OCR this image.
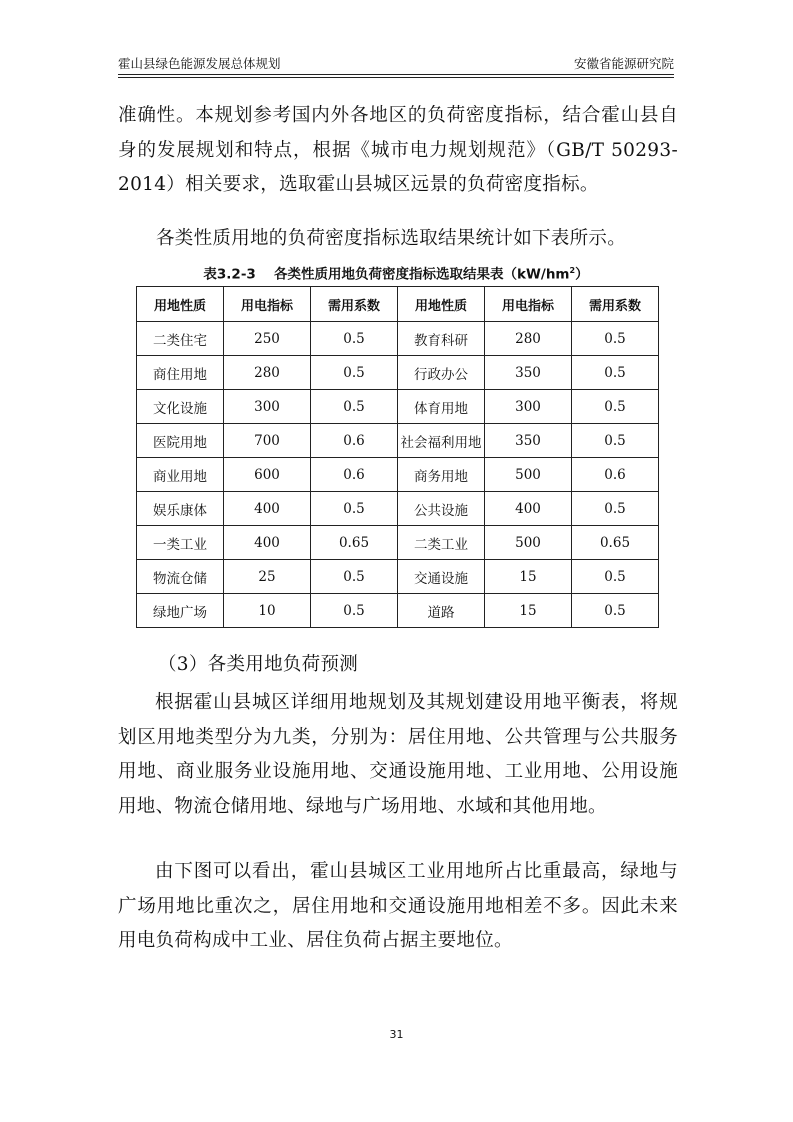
霍山县绿色能源发展总体规划	安徽省能源研究院

准确性。本规划参考国内外各地区的负荷密度指标，结合霍山县自身的发展规划和特点，根据《城市电力规划规范》（GB/T 50293-2014）相关要求，选取霍山县城区远景的负荷密度指标。

各类性质用地的负荷密度指标选取结果统计如下表所示。

表3.2-3　 各类性质用地负荷密度指标选取结果表$(kW/hm^2)$
用地性质	用电指标	需用系数	用地性质	用电指标	需用系数
二类住宅	250	0.5	教育科研	280	0.5
商住用地	280	0.5	行政办公	350	0.5
文化设施	300	0.5	体育用地	300	0.5
医院用地	700	0.6	社会福利用地	350	0.5
商业用地	600	0.6	商务用地	500	0.6
娱乐康体	400	0.5	公共设施	400	0.5
一类工业	400	0.65	二类工业	500	0.65
物流仓储	25	0.5	交通设施	15	0.5
绿地广场	10	0.5	道路	15	0.5

（3）各类用地负荷预测

根据霍山县城区详细用地规划及其规划建设用地平衡表，将规划区用地类型分为九类，分别为：居住用地、公共管理与公共服务用地、商业服务业设施用地、交通设施用地、工业用地、公用设施用地、物流仓储用地、绿地与广场用地、水域和其他用地。

由下图可以看出，霍山县城区工业用地所占比重最高，绿地与广场用地比重次之，居住用地和交通设施用地相差不多。因此未来用电负荷构成中工业、居住负荷占据主要地位。

31
